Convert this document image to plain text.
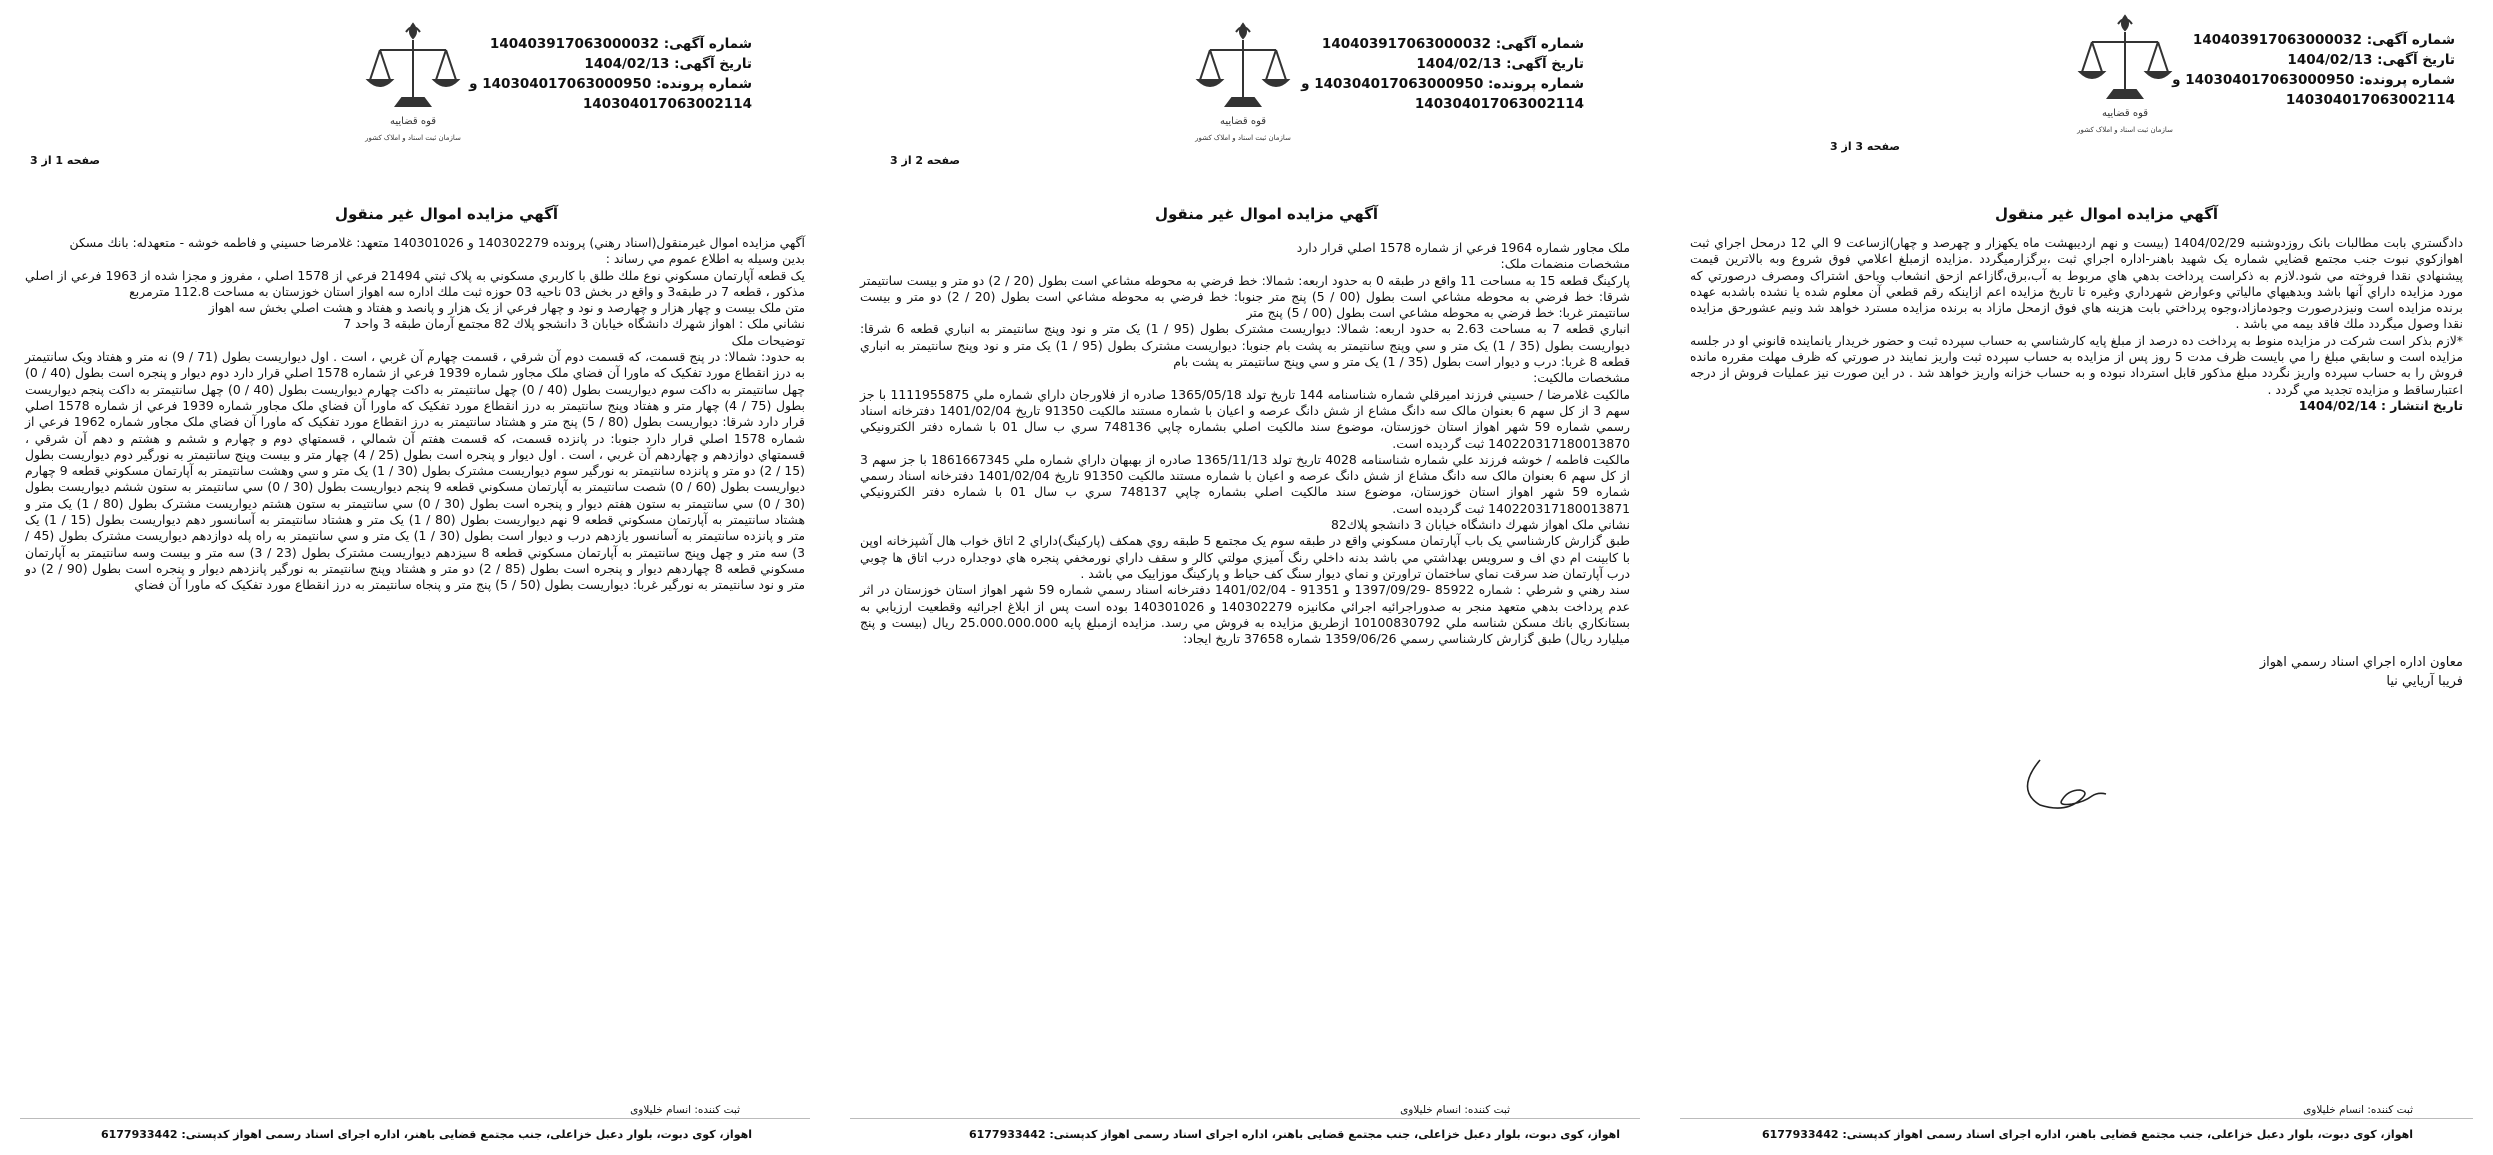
قوه قضاییه
سازمان ثبت اسناد و املاک کشور
شماره آگهی: 140403917063000032
تاریخ آگهی: 1404/02/13
شماره پرونده: 140304017063000950 و
140304017063002114
صفحه 1 از 3
آگهي مزايده اموال غير منقول

آگهي مزايده اموال غيرمنقول(اسناد رهني) پرونده 140302279 و 140301026 متعهد: غلامرضا حسيني و فاطمه خوشه - متعهدله: بانك مسكن

بدين وسيله به اطلاع عموم مي رساند :

يک قطعه آپارتمان مسکوني نوع ملك طلق با كاربري مسكوني به پلاک ثبتي 21494 فرعي از 1578 اصلي ، مفروز و مجزا شده از 1963 فرعي از اصلي مذكور ، قطعه 7 در طبقه3 و واقع در بخش 03 ناحيه 03 حوزه ثبت ملك اداره سه اهواز استان خوزستان به مساحت 112.8 مترمربع

متن ملک بيست و چهار هزار و چهارصد و نود و چهار فرعي از يک هزار و پانصد و هفتاد و هشت اصلي بخش سه اهواز

نشاني ملک : اهواز شهرك دانشگاه خيابان 3 دانشجو پلاك 82 مجتمع آرمان طبقه 3 واحد 7

توضيحات ملک

به حدود: شمالا: در پنج قسمت، كه قسمت دوم آن شرقي ، قسمت چهارم آن غربي ، است . اول ديواريست بطول (71 / 9) نه متر و هفتاد ويک سانتيمتر به درز انقطاع مورد تفكيک كه ماورا آن فضاي ملک مجاور شماره 1939 فرعي از شماره 1578 اصلي قرار دارد دوم ديوار و پنجره است بطول (40 / 0) چهل سانتيمتر به داكت سوم ديواريست بطول (40 / 0) چهل سانتيمتر به داكت چهارم ديواريست بطول (40 / 0) چهل سانتيمتر به داكت پنجم ديواريست بطول (75 / 4) چهار متر و هفتاد وپنج سانتيمتر به درز انقطاع مورد تفكيک كه ماورا آن فضاي ملک مجاور شماره 1939 فرعي از شماره 1578 اصلي قرار دارد شرقا: ديواريست بطول (80 / 5) پنج متر و هشتاد سانتيمتر به درز انقطاع مورد تفكيک كه ماورا آن فضاي ملک مجاور شماره 1962 فرعي از شماره 1578 اصلي قرار دارد جنوبا: در پانزده قسمت، كه قسمت هفتم آن شمالي ، قسمتهاي دوم و چهارم و ششم و هشتم و دهم آن شرقي ، قسمتهاي دوازدهم و چهاردهم آن غربي ، است . اول ديوار و پنجره است بطول (25 / 4) چهار متر و بيست وپنج سانتيمتر به نورگير دوم ديواريست بطول (15 / 2) دو متر و پانزده سانتيمتر به نورگير سوم ديواريست مشترک بطول (30 / 1) يک متر و سي وهشت سانتيمتر به آپارتمان مسکوني قطعه 9 چهارم ديواريست بطول (60 / 0) شصت سانتيمتر به آپارتمان مسکوني قطعه 9 پنجم ديواريست بطول (30 / 0) سي سانتيمتر به ستون ششم ديواريست بطول (30 / 0) سي سانتيمتر به ستون هفتم ديوار و پنجره است بطول (30 / 0) سي سانتيمتر به ستون هشتم ديواريست مشترک بطول (80 / 1) يک متر و هشتاد سانتيمتر به آپارتمان مسکوني قطعه 9 نهم ديواريست بطول (80 / 1) يک متر و هشتاد سانتيمتر به آسانسور دهم ديواريست بطول (15 / 1) يک متر و پانزده سانتيمتر به آسانسور يازدهم درب و ديوار است بطول (30 / 1) يک متر و سي سانتيمتر به راه پله دوازدهم ديواريست مشترک بطول (45 / 3) سه متر و چهل وپنج سانتيمتر به آپارتمان مسکوني قطعه 8 سيزدهم ديواريست مشترک بطول (23 / 3) سه متر و بيست وسه سانتيمتر به آپارتمان مسکوني قطعه 8 چهاردهم ديوار و پنجره است بطول (85 / 2) دو متر و هشتاد وپنج سانتيمتر به نورگير پانزدهم ديوار و پنجره است بطول (90 / 2) دو متر و نود سانتيمتر به نورگير غربا: ديواريست بطول (50 / 5) پنج متر و پنجاه سانتيمتر به درز انقطاع مورد تفكيک كه ماورا آن فضاي

ثبت کننده: انسام خلیلاوی
اهواز، کوی دبوت، بلوار دعبل خزاعلی، جنب مجتمع قضایی باهنر، اداره اجرای اسناد رسمی اهواز کدپستی: 6177933442
قوه قضاییه
سازمان ثبت اسناد و املاک کشور
شماره آگهی: 140403917063000032
تاریخ آگهی: 1404/02/13
شماره پرونده: 140304017063000950 و
140304017063002114
صفحه 2 از 3
آگهي مزايده اموال غير منقول

ملک مجاور شماره 1964 فرعي از شماره 1578 اصلي قرار دارد

مشخصات منضمات ملک:

پاركينگ قطعه 15 به مساحت 11 واقع در طبقه 0 به حدود اربعه: شمالا: خط فرضي به محوطه مشاعي است بطول (20 / 2) دو متر و بيست سانتيمتر شرقا: خط فرضي به محوطه مشاعي است بطول (00 / 5) پنج متر جنوبا: خط فرضي به محوطه مشاعي است بطول (20 / 2) دو متر و بيست سانتيمتر غربا: خط فرضي به محوطه مشاعي است بطول (00 / 5) پنج متر

انباري قطعه 7 به مساحت 2.63 به حدود اربعه: شمالا: ديواريست مشترک بطول (95 / 1) يک متر و نود وپنج سانتيمتر به انباري قطعه 6 شرقا: ديواريست بطول (35 / 1) يک متر و سي وپنج سانتيمتر به پشت بام جنوبا: ديواريست مشترک بطول (95 / 1) يک متر و نود وپنج سانتيمتر به انباري قطعه 8 غربا: درب و ديوار است بطول (35 / 1) يک متر و سي وپنج سانتيمتر به پشت بام

مشخصات مالكيت:

مالكيت غلامرضا / حسيني فرزند اميرقلي شماره شناسنامه 144 تاريخ تولد 1365/05/18 صادره از فلاورجان داراي شماره ملي 1111955875 با جز سهم 3 از كل سهم 6 بعنوان مالک سه دانگ مشاع از شش دانگ عرصه و اعيان با شماره مستند مالكيت 91350 تاريخ 1401/02/04 دفترخانه اسناد رسمي شماره 59 شهر اهواز استان خوزستان، موضوع سند مالكيت اصلي بشماره چاپي 748136 سري ب سال 01 با شماره دفتر الكترونيكي 140220317180013870 ثبت گرديده است.

مالكيت فاطمه / خوشه فرزند علي شماره شناسنامه 4028 تاريخ تولد 1365/11/13 صادره از بهبهان داراي شماره ملي 1861667345 با جز سهم 3 از كل سهم 6 بعنوان مالک سه دانگ مشاع از شش دانگ عرصه و اعيان با شماره مستند مالكيت 91350 تاريخ 1401/02/04 دفترخانه اسناد رسمي شماره 59 شهر اهواز استان خوزستان، موضوع سند مالكيت اصلي بشماره چاپي 748137 سري ب سال 01 با شماره دفتر الكترونيكي 140220317180013871 ثبت گرديده است.

نشاني ملک اهواز شهرك دانشگاه خيابان 3 دانشجو پلاك82

طبق گزارش کارشناسي يک باب آپارتمان مسكوني واقع در طبقه سوم يک مجتمع 5 طبقه روي همكف (پاركينگ)داراي 2 اتاق خواب هال آشپزخانه اوپن با كابينت ام دي اف و سرويس بهداشتي مي باشد بدنه داخلي رنگ آميزي مولتي كالر و سقف داراي نورمخفي پنجره هاي دوجداره درب اتاق ها چوبي درب آپارتمان ضد سرقت نماي ساختمان تراورتن و نماي ديوار سنگ كف حياط و پاركينگ موزاييک مي باشد .

سند رهني و شرطي : شماره 85922 -1397/09/29 و 91351 - 1401/02/04 دفترخانه اسناد رسمي شماره 59 شهر اهواز استان خوزستان در اثر عدم پرداخت بدهي متعهد منجر به صدوراجرائيه اجرائي مكانيزه 140302279 و 140301026 بوده است پس از ابلاغ اجرائيه وقطعيت ارزيابي به بستانكاري بانك مسكن شناسه ملي 10100830792 ازطريق مزايده به فروش مي رسد. مزايده ازمبلغ پايه 25.000.000.000 ريال (بيست و پنج ميليارد ريال) طبق گزارش كارشناسي رسمي 1359/06/26 شماره 37658 تاريخ ايجاد:

ثبت کننده: انسام خلیلاوی
اهواز، کوی دبوت، بلوار دعبل خزاعلی، جنب مجتمع قضایی باهنر، اداره اجرای اسناد رسمی اهواز کدپستی: 6177933442
قوه قضاییه
سازمان ثبت اسناد و املاک کشور
شماره آگهی: 140403917063000032
تاریخ آگهی: 1404/02/13
شماره پرونده: 140304017063000950 و
140304017063002114
صفحه 3 از 3
آگهي مزايده اموال غير منقول

دادگستري بابت مطالبات بانک روزدوشنبه 1404/02/29 (بيست و نهم ارديبهشت ماه يكهزار و چهرصد و چهار)ازساعت 9 الي 12 درمحل اجراي ثبت اهوازكوي نبوت جنب مجتمع قضايي شماره يک شهيد باهنر-اداره اجراي ثبت ،برگزارميگردد .مزايده ازمبلغ اعلامي فوق شروع وبه بالاترين قيمت پيشنهادي نقدا فروخته مي شود.لازم به ذكراست پرداخت بدهي هاي مربوط به آب،برق،گازاعم ازحق انشعاب وياحق اشتراک ومصرف درصورتي كه مورد مزايده داراي آنها باشد وبدهيهاي مالياتي وعوارض شهرداري وغيره تا تاريخ مزايده اعم ازاينكه رقم قطعي آن معلوم شده يا نشده باشدبه عهده برنده مزايده است ونيزدرصورت وجودمازاد،وجوه پرداختي بابت هزينه هاي فوق ازمحل مازاد به برنده مزايده مسترد خواهد شد ونيم عشورحق مزايده نقدا وصول ميگردد ملك فاقد بيمه مي باشد .

*لازم بذكر است شركت در مزايده منوط به پرداخت ده درصد از مبلغ پايه كارشناسي به حساب سپرده ثبت و حضور خريدار يانماينده قانوني او در جلسه مزايده است و سابقي مبلغ را مي بايست ظرف مدت 5 روز پس از مزايده به حساب سپرده ثبت واريز نمايند در صورتي كه ظرف مهلت مقرره مانده فروش را به حساب سپرده واريز نگردد مبلغ مذكور قابل استرداد نبوده و به حساب خزانه واريز خواهد شد . در اين صورت نيز عمليات فروش از درجه اعتبارساقط و مزايده تجديد مي گردد .

تاريخ انتشار : 1404/02/14

معاون اداره اجراي اسناد رسمي اهواز
فريبا آريايي نيا
ثبت کننده: انسام خلیلاوی
اهواز، کوی دبوت، بلوار دعبل خزاعلی، جنب مجتمع قضایی باهنر، اداره اجرای اسناد رسمی اهواز کدپستی: 6177933442
